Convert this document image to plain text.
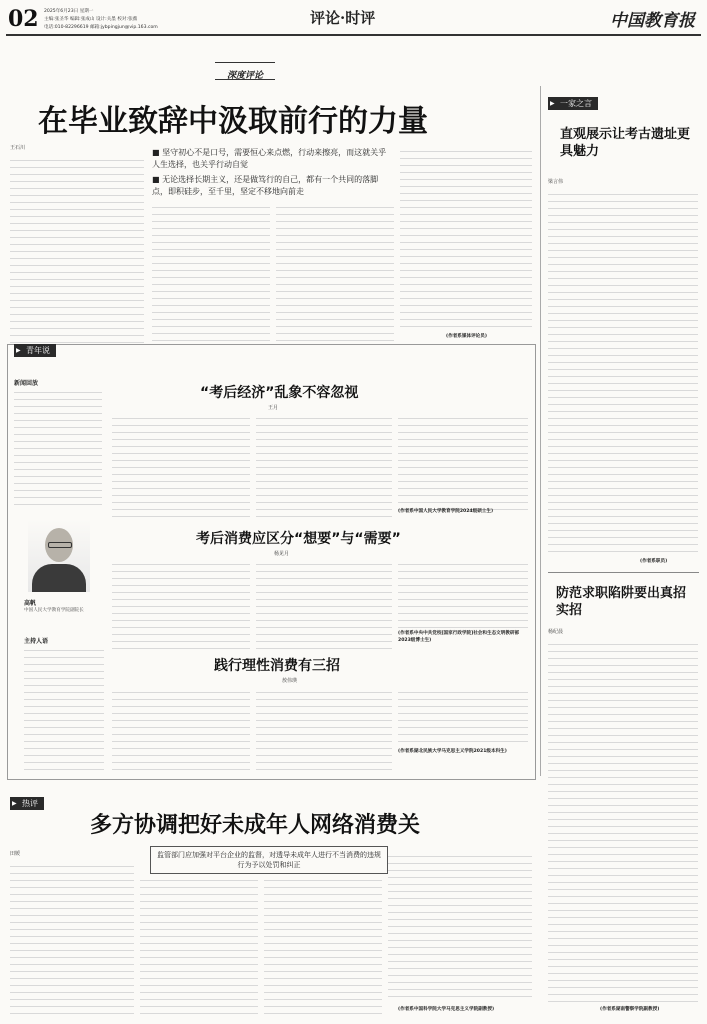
02 2025年6月23日 星期一
主编:张圣华 编辑:张成山 设计:关墨 校对:张薇
电话:010-82296619 邮箱:jybpingjun@vip.163.com
评论·时评	中国教育报
深度评论
在毕业致辞中汲取前行的力量
王石川	■ 坚守初心不是口号，需要恒心来点燃，行动来擦亮，而这就关乎人生选择，也关乎行动自觉
■ 无论选择长期主义，还是做笃行的自己，都有一个共同的落脚点，即积硅步，至千里，坚定不移地向前走
(作者系媒体评论员)
▶ 一家之言
直观展示让考古遗址更具魅力
梁言伟
(作者系职员)
防范求职陷阱要出真招实招
杨纪晨
(作者系湖南警察学院副教授)
▶ 青年说
新闻回放
高帆
中国人民大学教育学院副院长
主持人语
“考后经济”乱象不容忽视
王月
(作者系中国人民大学教育学院2024级硕士生)
考后消费应区分“想要”与“需要”
杨见月
(作者系中央中共党校[国家行政学院]社会和生态文明教研部2023级博士生)
践行理性消费有三招
敖伟瑛
(作者系湖北民族大学马克思主义学院2021级本科生)
▶ 热评
多方协调把好未成年人网络消费关
田媛	监管部门应加强对平台企业的监督，对透导未成年人进行不当消费的违规行为予以处罚和纠正
(作者系中国科学院大学马克思主义学院副教授)
